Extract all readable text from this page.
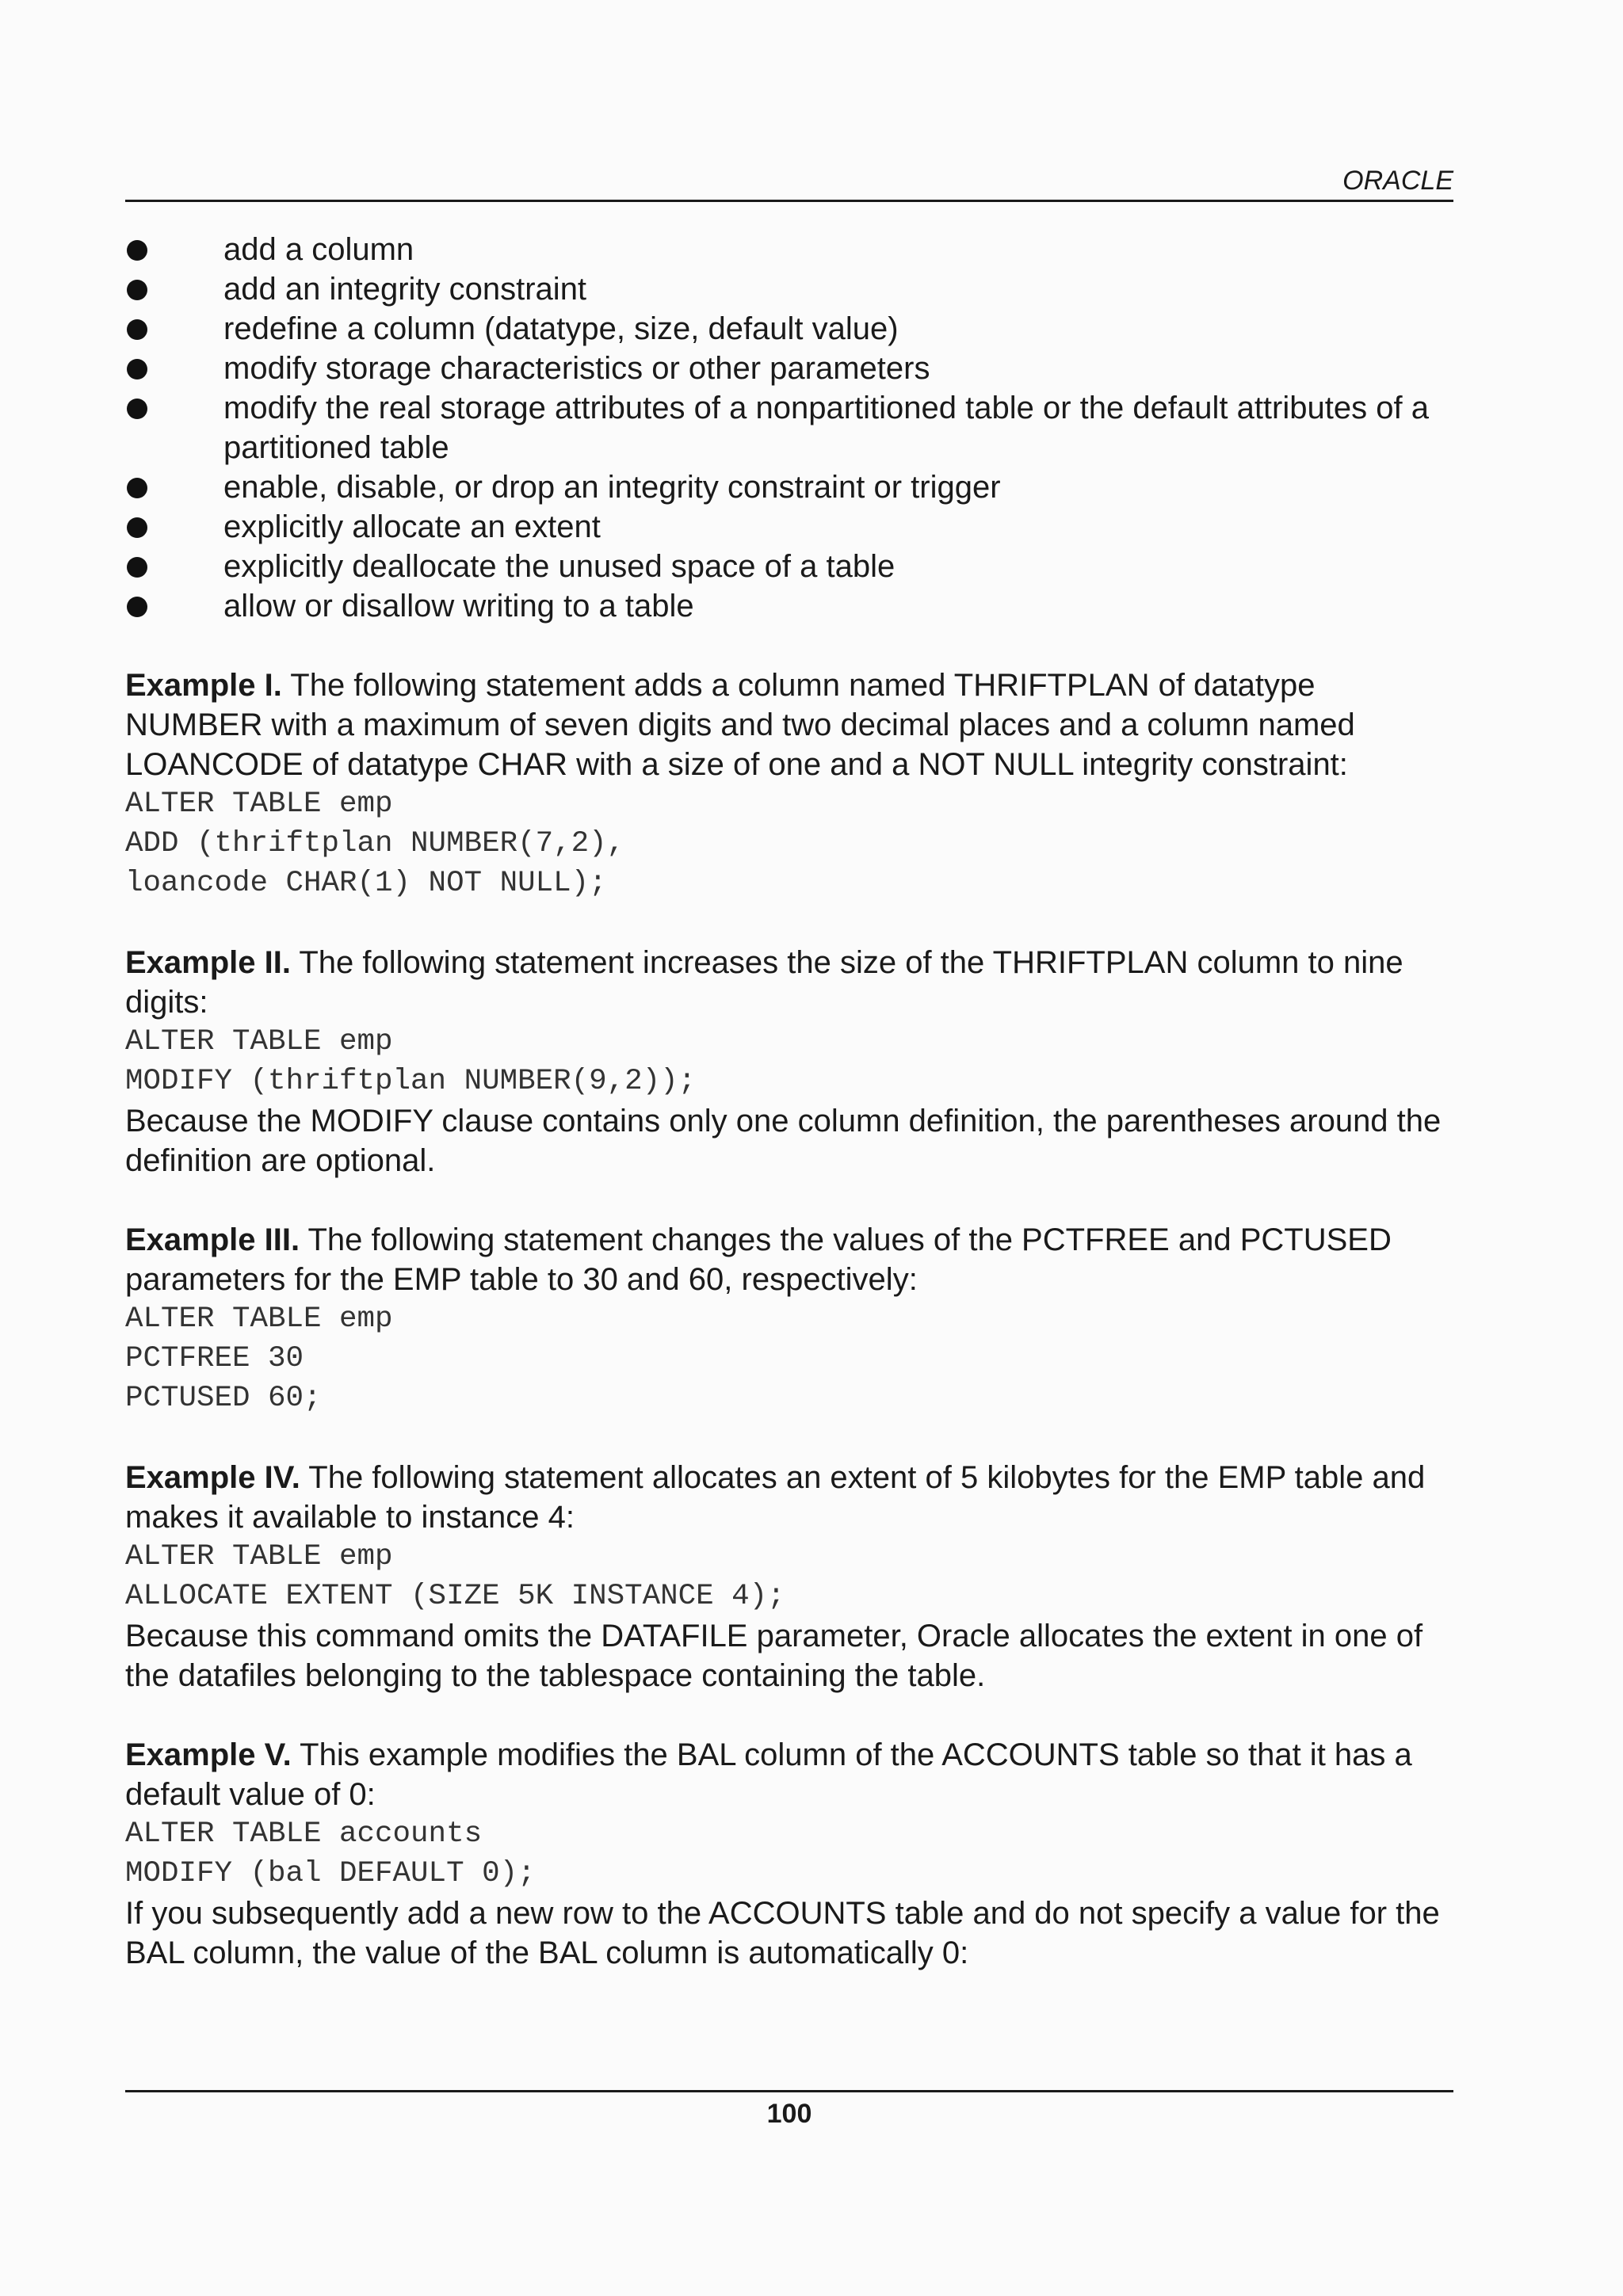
ORACLE
add a column
add an integrity constraint
redefine a column (datatype, size, default value)
modify storage characteristics or other parameters
modify the real storage attributes of a nonpartitioned table or the default attributes of a partitioned table
enable, disable, or drop an integrity constraint or trigger
explicitly allocate an extent
explicitly deallocate the unused space of a table
allow or disallow writing to a table

Example I. The following statement adds a column named THRIFTPLAN of datatype NUMBER with a maximum of seven digits and two decimal places and a column named LOANCODE of datatype CHAR with a size of one and a NOT NULL integrity constraint:

ALTER TABLE emp
ADD (thriftplan NUMBER(7,2),
loancode CHAR(1) NOT NULL);

Example II. The following statement increases the size of the THRIFTPLAN column to nine digits:

ALTER TABLE emp
MODIFY (thriftplan NUMBER(9,2));

Because the MODIFY clause contains only one column definition, the parentheses around the definition are optional.

Example III. The following statement changes the values of the PCTFREE and PCTUSED parameters for the EMP table to 30 and 60, respectively:

ALTER TABLE emp
PCTFREE 30
PCTUSED 60;

Example IV. The following statement allocates an extent of 5 kilobytes for the EMP table and makes it available to instance 4:

ALTER TABLE emp
ALLOCATE EXTENT (SIZE 5K INSTANCE 4);

Because this command omits the DATAFILE parameter, Oracle allocates the extent in one of the datafiles belonging to the tablespace containing the table.

Example V. This example modifies the BAL column of the ACCOUNTS table so that it has a default value of 0:

ALTER TABLE accounts
MODIFY (bal DEFAULT 0);

If you subsequently add a new row to the ACCOUNTS table and do not specify a value for the BAL column, the value of the BAL column is automatically 0:

100
